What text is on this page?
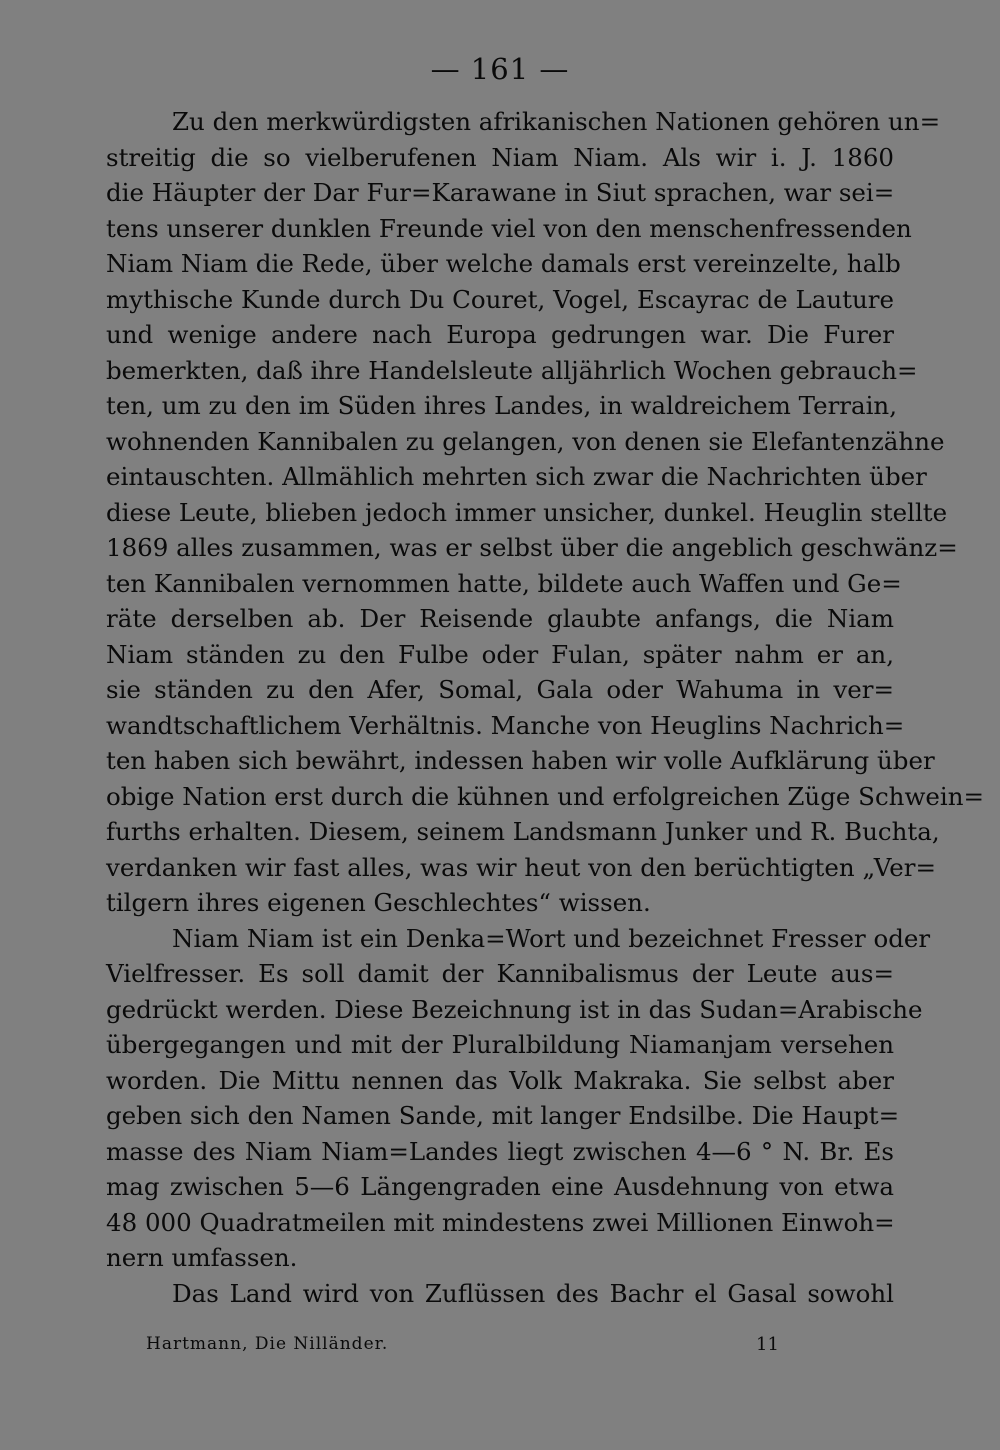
— 161 —
Zu den merkwürdigsten afrikanischen Nationen gehören un=
streitig die so vielberufenen Niam Niam. Als wir i. J. 1860
die Häupter der Dar Fur=Karawane in Siut sprachen, war sei=
tens unserer dunklen Freunde viel von den menschenfressenden
Niam Niam die Rede, über welche damals erst vereinzelte, halb
mythische Kunde durch Du Couret, Vogel, Escayrac de Lauture
und wenige andere nach Europa gedrungen war. Die Furer
bemerkten, daß ihre Handelsleute alljährlich Wochen gebrauch=
ten, um zu den im Süden ihres Landes, in waldreichem Terrain,
wohnenden Kannibalen zu gelangen, von denen sie Elefantenzähne
eintauschten. Allmählich mehrten sich zwar die Nachrichten über
diese Leute, blieben jedoch immer unsicher, dunkel. Heuglin stellte
1869 alles zusammen, was er selbst über die angeblich geschwänz=
ten Kannibalen vernommen hatte, bildete auch Waffen und Ge=
räte derselben ab. Der Reisende glaubte anfangs, die Niam
Niam ständen zu den Fulbe oder Fulan, später nahm er an,
sie ständen zu den Afer, Somal, Gala oder Wahuma in ver=
wandtschaftlichem Verhältnis. Manche von Heuglins Nachrich=
ten haben sich bewährt, indessen haben wir volle Aufklärung über
obige Nation erst durch die kühnen und erfolgreichen Züge Schwein=
furths erhalten. Diesem, seinem Landsmann Junker und R. Buchta,
verdanken wir fast alles, was wir heut von den berüchtigten „Ver=
tilgern ihres eigenen Geschlechtes“ wissen.
Niam Niam ist ein Denka=Wort und bezeichnet Fresser oder
Vielfresser. Es soll damit der Kannibalismus der Leute aus=
gedrückt werden. Diese Bezeichnung ist in das Sudan=Arabische
übergegangen und mit der Pluralbildung Niamanjam versehen
worden. Die Mittu nennen das Volk Makraka. Sie selbst aber
geben sich den Namen Sande, mit langer Endsilbe. Die Haupt=
masse des Niam Niam=Landes liegt zwischen 4—6 ° N. Br. Es
mag zwischen 5—6 Längengraden eine Ausdehnung von etwa
48 000 Quadratmeilen mit mindestens zwei Millionen Einwoh=
nern umfassen.
Das Land wird von Zuflüssen des Bachr el Gasal sowohl
Hartmann, Die Nilländer.	11
